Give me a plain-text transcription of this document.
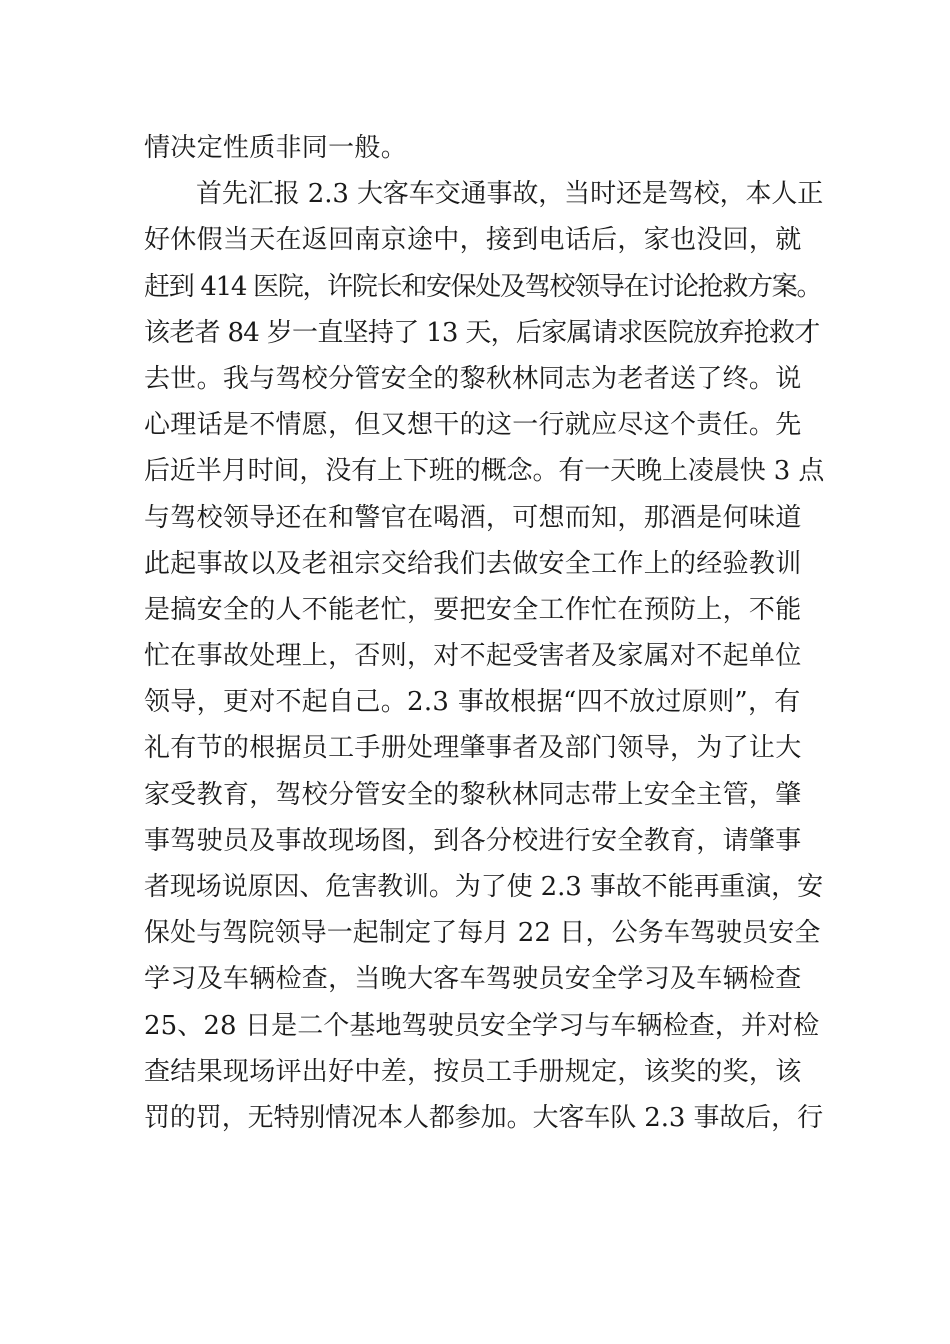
情决定性质非同一般。
首先汇报 2.3 大客车交通事故，当时还是驾校，本人正
好休假当天在返回南京途中，接到电话后，家也没回，就
赶到 414 医院，许院长和安保处及驾校领导在讨论抢救方案。
该老者 84 岁一直坚持了 13 天，后家属请求医院放弃抢救才
去世。我与驾校分管安全的黎秋林同志为老者送了终。说
心理话是不情愿，但又想干的这一行就应尽这个责任。先
后近半月时间，没有上下班的概念。有一天晚上凌晨快 3 点
与驾校领导还在和警官在喝酒，可想而知，那酒是何味道
此起事故以及老祖宗交给我们去做安全工作上的经验教训
是搞安全的人不能老忙，要把安全工作忙在预防上，不能
忙在事故处理上，否则，对不起受害者及家属对不起单位
领导，更对不起自己。2.3 事故根据“四不放过原则”，有
礼有节的根据员工手册处理肇事者及部门领导，为了让大
家受教育，驾校分管安全的黎秋林同志带上安全主管，肇
事驾驶员及事故现场图，到各分校进行安全教育，请肇事
者现场说原因、危害教训。为了使 2.3 事故不能再重演，安
保处与驾院领导一起制定了每月 22 日，公务车驾驶员安全
学习及车辆检查，当晚大客车驾驶员安全学习及车辆检查
25、28 日是二个基地驾驶员安全学习与车辆检查，并对检
查结果现场评出好中差，按员工手册规定，该奖的奖，该
罚的罚，无特别情况本人都参加。大客车队 2.3 事故后，行
